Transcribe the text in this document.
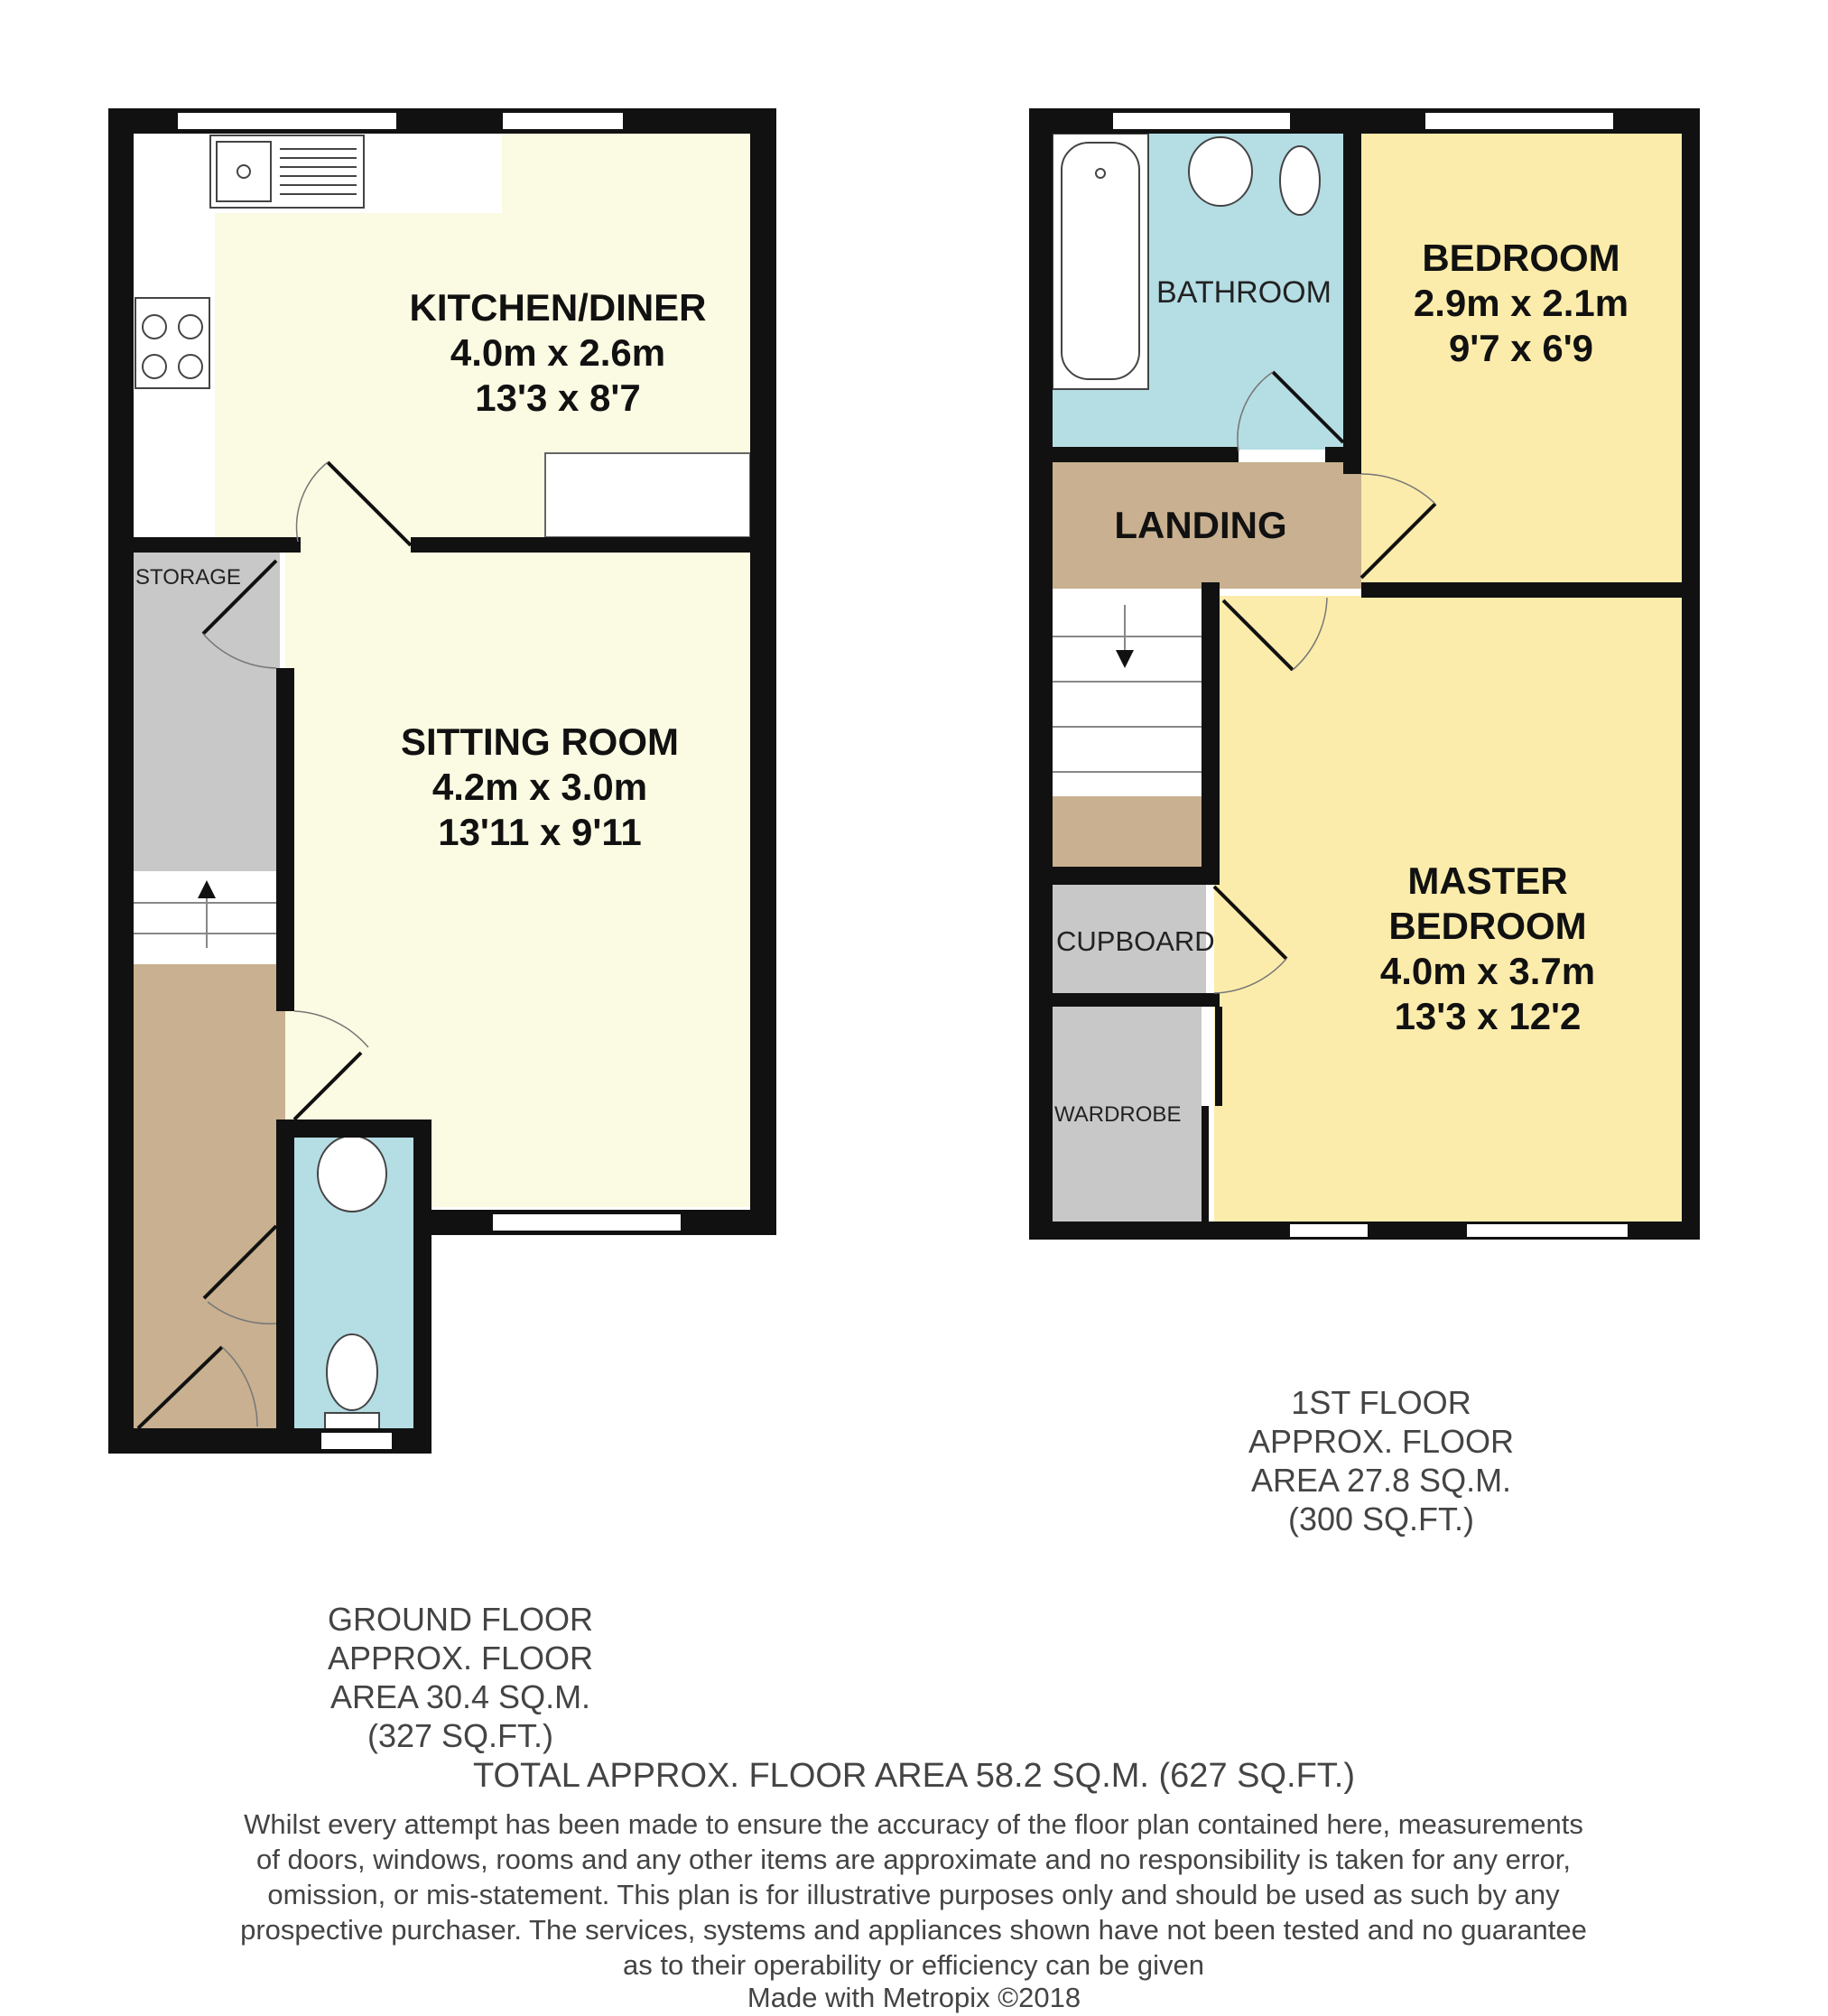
KITCHEN/DINER
4.0m x 2.6m
13'3 x 8'7
SITTING ROOM
4.2m x 3.0m
13'11 x 9'11
STORAGE
BATHROOM
BEDROOM
2.9m x 2.1m
9'7 x 6'9
LANDING
CUPBOARD
WARDROBE
MASTER
BEDROOM
4.0m x 3.7m
13'3 x 12'2
1ST FLOOR
APPROX. FLOOR
AREA 27.8 SQ.M.
(300 SQ.FT.)
GROUND FLOOR
APPROX. FLOOR
AREA 30.4 SQ.M.
(327 SQ.FT.)
TOTAL APPROX. FLOOR AREA 58.2 SQ.M. (627 SQ.FT.)
Whilst every attempt has been made to ensure the accuracy of the floor plan contained here, measurements
of doors, windows, rooms and any other items are approximate and no responsibility is taken for any error,
omission, or mis-statement. This plan is for illustrative purposes only and should be used as such by any
prospective purchaser. The services, systems and appliances shown have not been tested and no guarantee
as to their operability or efficiency can be given
Made with Metropix ©2018
